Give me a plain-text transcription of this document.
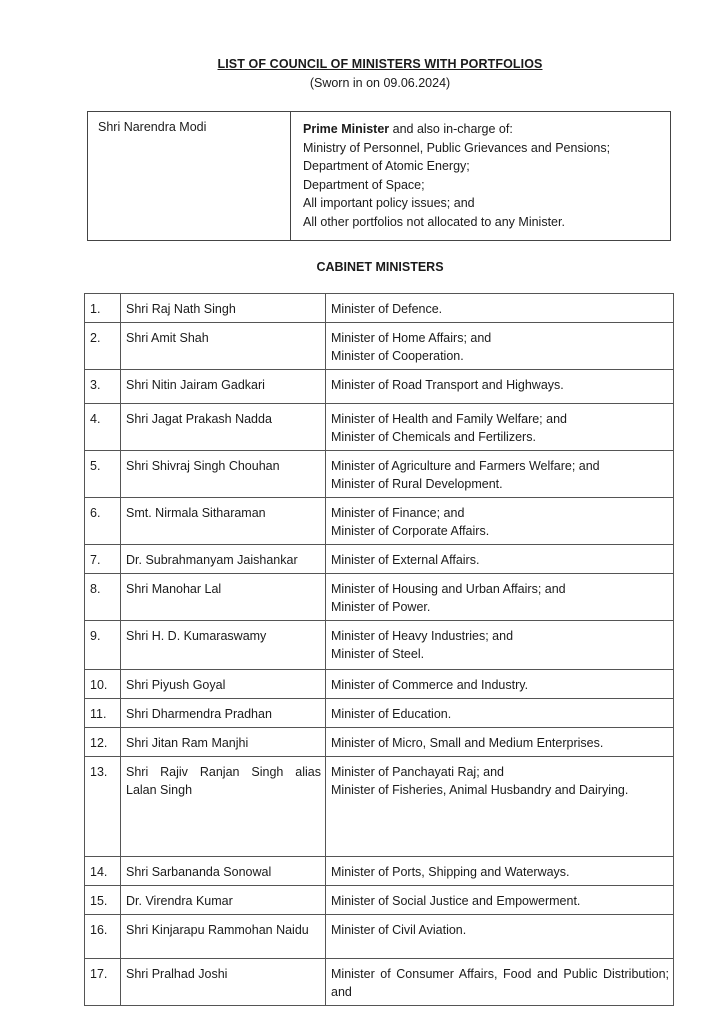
LIST OF COUNCIL OF MINISTERS WITH PORTFOLIOS
(Sworn in on 09.06.2024)
Shri Narendra Modi	Prime Minister and also in-charge of:
Ministry of Personnel, Public Grievances and Pensions;
Department of Atomic Energy;
Department of Space;
All important policy issues; and
All other portfolios not allocated to any Minister.
CABINET MINISTERS
1.	Shri Raj Nath Singh	Minister of Defence.
2.	Shri Amit Shah	Minister of Home Affairs; and
Minister of Cooperation.
3.	Shri Nitin Jairam Gadkari	Minister of Road Transport and Highways.
4.	Shri Jagat Prakash Nadda	Minister of Health and Family Welfare; and
Minister of Chemicals and Fertilizers.
5.	Shri Shivraj Singh Chouhan	Minister of Agriculture and Farmers Welfare; and
Minister of Rural Development.
6.	Smt. Nirmala Sitharaman	Minister of Finance; and
Minister of Corporate Affairs.
7.	Dr. Subrahmanyam Jaishankar	Minister of External Affairs.
8.	Shri Manohar Lal	Minister of Housing and Urban Affairs; and
Minister of Power.
9.	Shri H. D. Kumaraswamy	Minister of Heavy Industries; and
Minister of Steel.
10.	Shri Piyush Goyal	Minister of Commerce and Industry.
11.	Shri Dharmendra Pradhan	Minister of Education.
12.	Shri Jitan Ram Manjhi	Minister of Micro, Small and Medium Enterprises.
13.	Shri Rajiv Ranjan Singh alias Lalan Singh	Minister of Panchayati Raj; and
Minister of Fisheries, Animal Husbandry and Dairying.
14.	Shri Sarbananda Sonowal	Minister of Ports, Shipping and Waterways.
15.	Dr. Virendra Kumar	Minister of Social Justice and Empowerment.
16.	Shri Kinjarapu Rammohan Naidu	Minister of Civil Aviation.
17.	Shri Pralhad Joshi	Minister of Consumer Affairs, Food and Public Distribution; and
